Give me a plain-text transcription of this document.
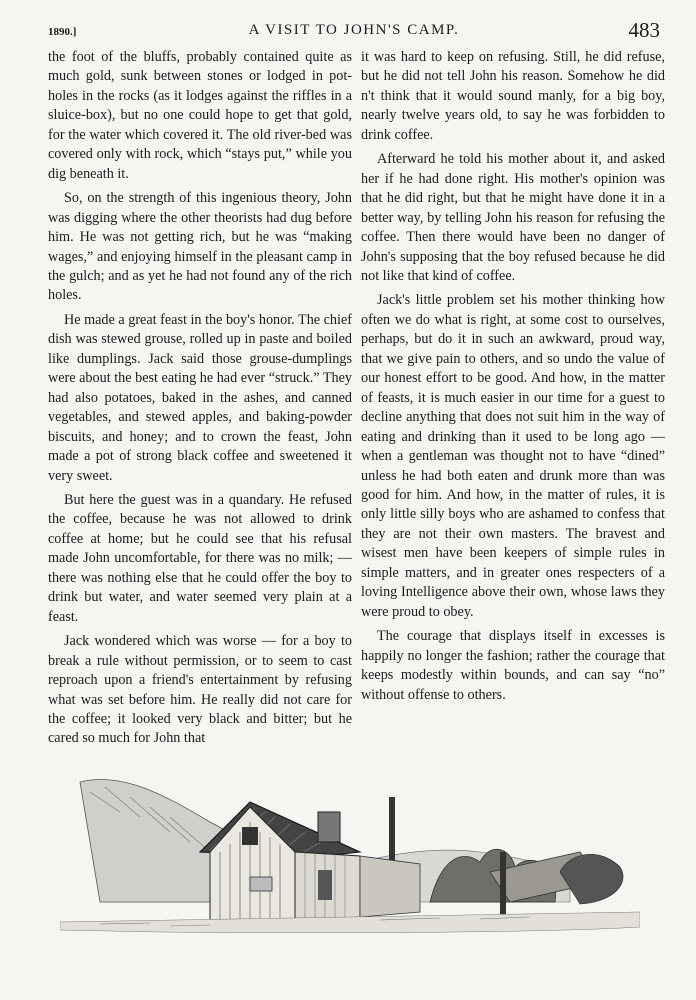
1890.]	A VISIT TO JOHN'S CAMP.	483

the foot of the bluffs, probably contained quite as much gold, sunk between stones or lodged in pot-holes in the rocks (as it lodges against the riffles in a sluice-box), but no one could hope to get that gold, for the water which covered it. The old river-bed was covered only with rock, which “stays put,” while you dig beneath it.

So, on the strength of this ingenious theory, John was digging where the other theorists had dug before him. He was not getting rich, but he was “making wages,” and enjoying himself in the pleasant camp in the gulch; and as yet he had not found any of the rich holes.

He made a great feast in the boy's honor. The chief dish was stewed grouse, rolled up in paste and boiled like dumplings. Jack said those grouse-dumplings were about the best eating he had ever “struck.” They had also potatoes, baked in the ashes, and canned vegetables, and stewed apples, and baking-powder biscuits, and honey; and to crown the feast, John made a pot of strong black coffee and sweetened it very sweet.

But here the guest was in a quandary. He refused the coffee, because he was not allowed to drink coffee at home; but he could see that his refusal made John uncomfortable, for there was no milk; — there was nothing else that he could offer the boy to drink but water, and water seemed very plain at a feast.

Jack wondered which was worse — for a boy to break a rule without permission, or to seem to cast reproach upon a friend's entertainment by refusing what was set before him. He really did not care for the coffee; it looked very black and bitter; but he cared so much for John that

it was hard to keep on refusing. Still, he did refuse, but he did not tell John his reason. Somehow he did n't think that it would sound manly, for a big boy, nearly twelve years old, to say he was forbidden to drink coffee.

Afterward he told his mother about it, and asked her if he had done right. His mother's opinion was that he did right, but that he might have done it in a better way, by telling John his reason for refusing the coffee. Then there would have been no danger of John's supposing that the boy refused because he did not like that kind of coffee.

Jack's little problem set his mother thinking how often we do what is right, at some cost to ourselves, perhaps, but do it in such an awkward, proud way, that we give pain to others, and so undo the value of our honest effort to be good. And how, in the matter of feasts, it is much easier in our time for a guest to decline anything that does not suit him in the way of eating and drinking than it used to be long ago — when a gentleman was thought not to have “dined” unless he had both eaten and drunk more than was good for him. And how, in the matter of rules, it is only little silly boys who are ashamed to confess that they are not their own masters. The bravest and wisest men have been keepers of simple rules in simple matters, and in greater ones respecters of a loving Intelligence above their own, whose laws they were proud to obey.

The courage that displays itself in excesses is happily no longer the fashion; rather the courage that keeps modestly within bounds, and can say “no” without offense to others.
